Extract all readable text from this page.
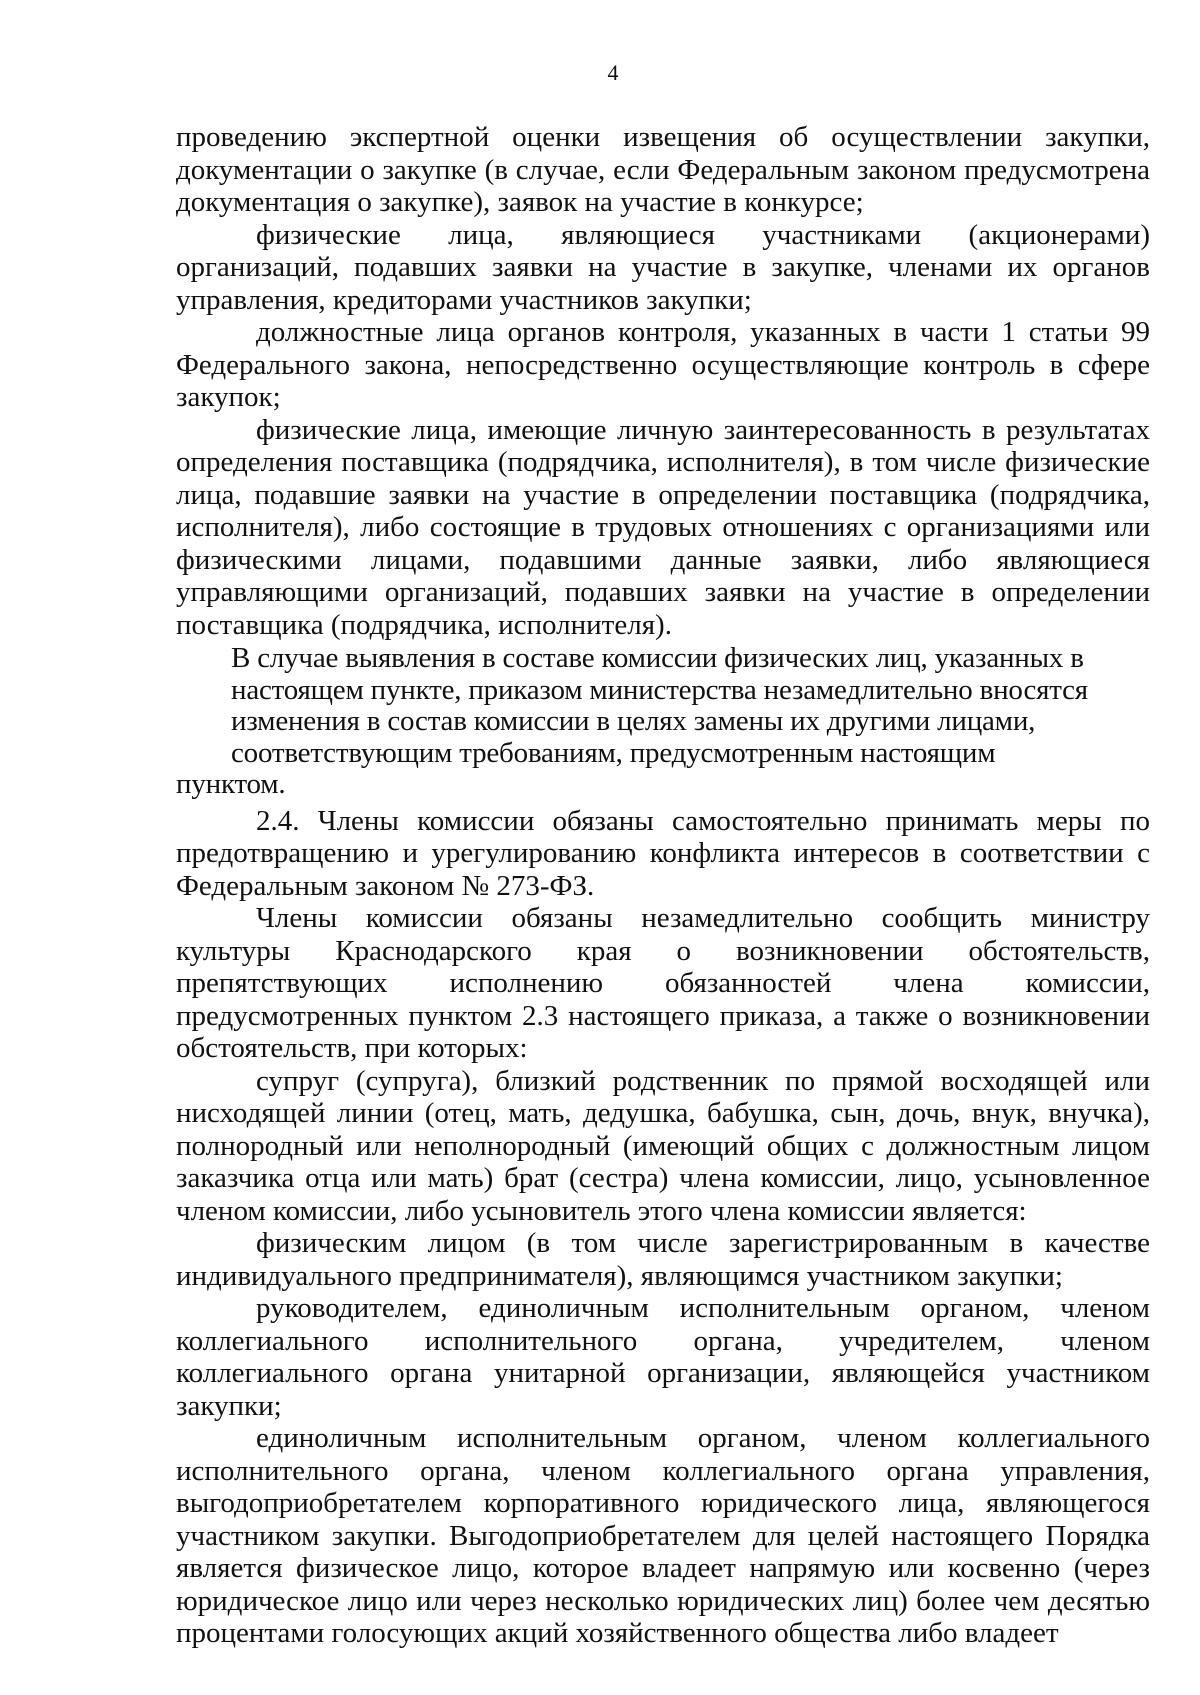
4

проведению экспертной оценки извещения об осуществлении закупки, документации о закупке (в случае, если Федеральным законом предусмотрена документация о закупке), заявок на участие в конкурсе;

физические лица, являющиеся участниками (акционерами) организаций, подавших заявки на участие в закупке, членами их органов управления, кредиторами участников закупки;

должностные лица органов контроля, указанных в части 1 статьи 99 Федерального закона, непосредственно осуществляющие контроль в сфере закупок;

физические лица, имеющие личную заинтересованность в результатах определения поставщика (подрядчика, исполнителя), в том числе физические лица, подавшие заявки на участие в определении поставщика (подрядчика, исполнителя), либо состоящие в трудовых отношениях с организациями или физическими лицами, подавшими данные заявки, либо являющиеся управляющими организаций, подавших заявки на участие в определении поставщика (подрядчика, исполнителя).

В случае выявления в составе комиссии физических лиц, указанных в
настоящем пункте, приказом министерства незамедлительно вносятся
изменения в состав комиссии в целях замены их другими лицами,
соответствующим требованиям, предусмотренным настоящим пунктом.

2.4. Члены комиссии обязаны самостоятельно принимать меры по предотвращению и урегулированию конфликта интересов в соответствии с Федеральным законом № 273-ФЗ.

Члены комиссии обязаны незамедлительно сообщить министру культуры Краснодарского края о возникновении обстоятельств, препятствующих исполнению обязанностей члена комиссии, предусмотренных пунктом 2.3 настоящего приказа, а также о возникновении обстоятельств, при которых:

супруг (супруга), близкий родственник по прямой восходящей или нисходящей линии (отец, мать, дедушка, бабушка, сын, дочь, внук, внучка), полнородный или неполнородный (имеющий общих с должностным лицом заказчика отца или мать) брат (сестра) члена комиссии, лицо, усыновленное членом комиссии, либо усыновитель этого члена комиссии является:

физическим лицом (в том числе зарегистрированным в качестве индивидуального предпринимателя), являющимся участником закупки;

руководителем, единоличным исполнительным органом, членом коллегиального исполнительного органа, учредителем, членом коллегиального органа унитарной организации, являющейся участником закупки;

единоличным исполнительным органом, членом коллегиального исполнительного органа, членом коллегиального органа управления, выгодоприобретателем корпоративного юридического лица, являющегося участником закупки. Выгодоприобретателем для целей настоящего Порядка является физическое лицо, которое владеет напрямую или косвенно (через юридическое лицо или через несколько юридических лиц) более чем десятью процентами голосующих акций хозяйственного общества либо владеет
